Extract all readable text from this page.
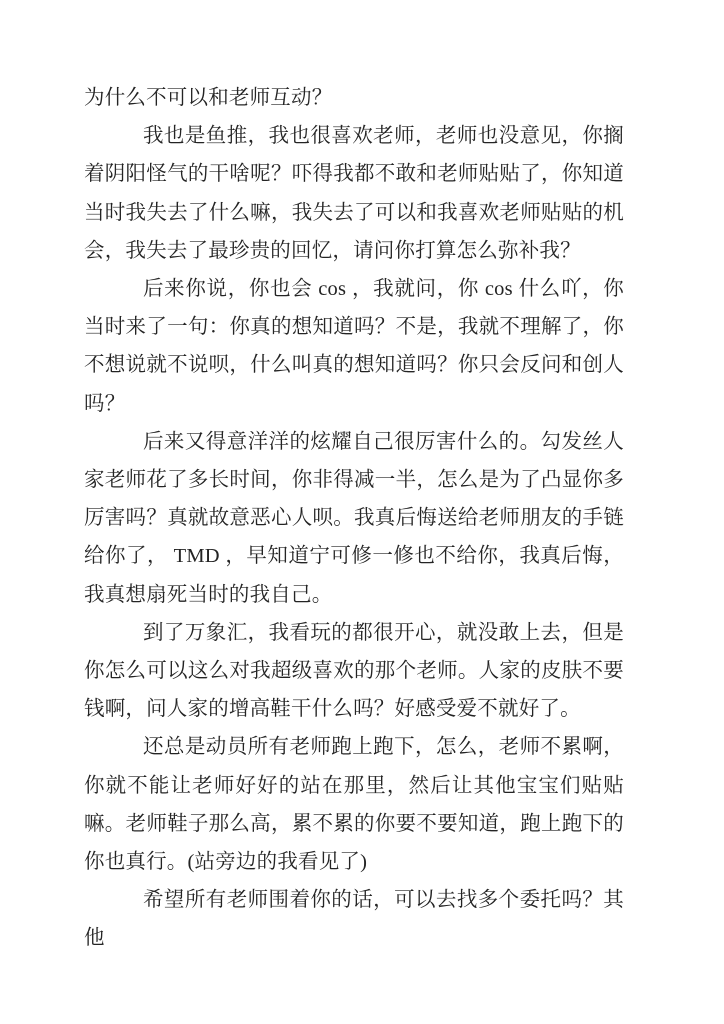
为什么不可以和老师互动？

我也是鱼推，我也很喜欢老师，老师也没意见，你搁着阴阳怪气的干啥呢？吓得我都不敢和老师贴贴了，你知道当时我失去了什么嘛，我失去了可以和我喜欢老师贴贴的机会，我失去了最珍贵的回忆，请问你打算怎么弥补我？

后来你说，你也会 cos ，我就问，你 cos 什么吖，你当时来了一句：你真的想知道吗？不是，我就不理解了，你不想说就不说呗，什么叫真的想知道吗？你只会反问和创人吗？

后来又得意洋洋的炫耀自己很厉害什么的。勾发丝人家老师花了多长时间，你非得减一半，怎么是为了凸显你多厉害吗？真就故意恶心人呗。我真后悔送给老师朋友的手链给你了， TMD ，早知道宁可修一修也不给你，我真后悔，我真想扇死当时的我自己。

到了万象汇，我看玩的都很开心，就没敢上去，但是你怎么可以这么对我超级喜欢的那个老师。人家的皮肤不要钱啊，问人家的增高鞋干什么吗？好感受爱不就好了。

还总是动员所有老师跑上跑下，怎么，老师不累啊，你就不能让老师好好的站在那里，然后让其他宝宝们贴贴嘛。老师鞋子那么高，累不累的你要不要知道，跑上跑下的你也真行。(站旁边的我看见了)

希望所有老师围着你的话，可以去找多个委托吗？其他
